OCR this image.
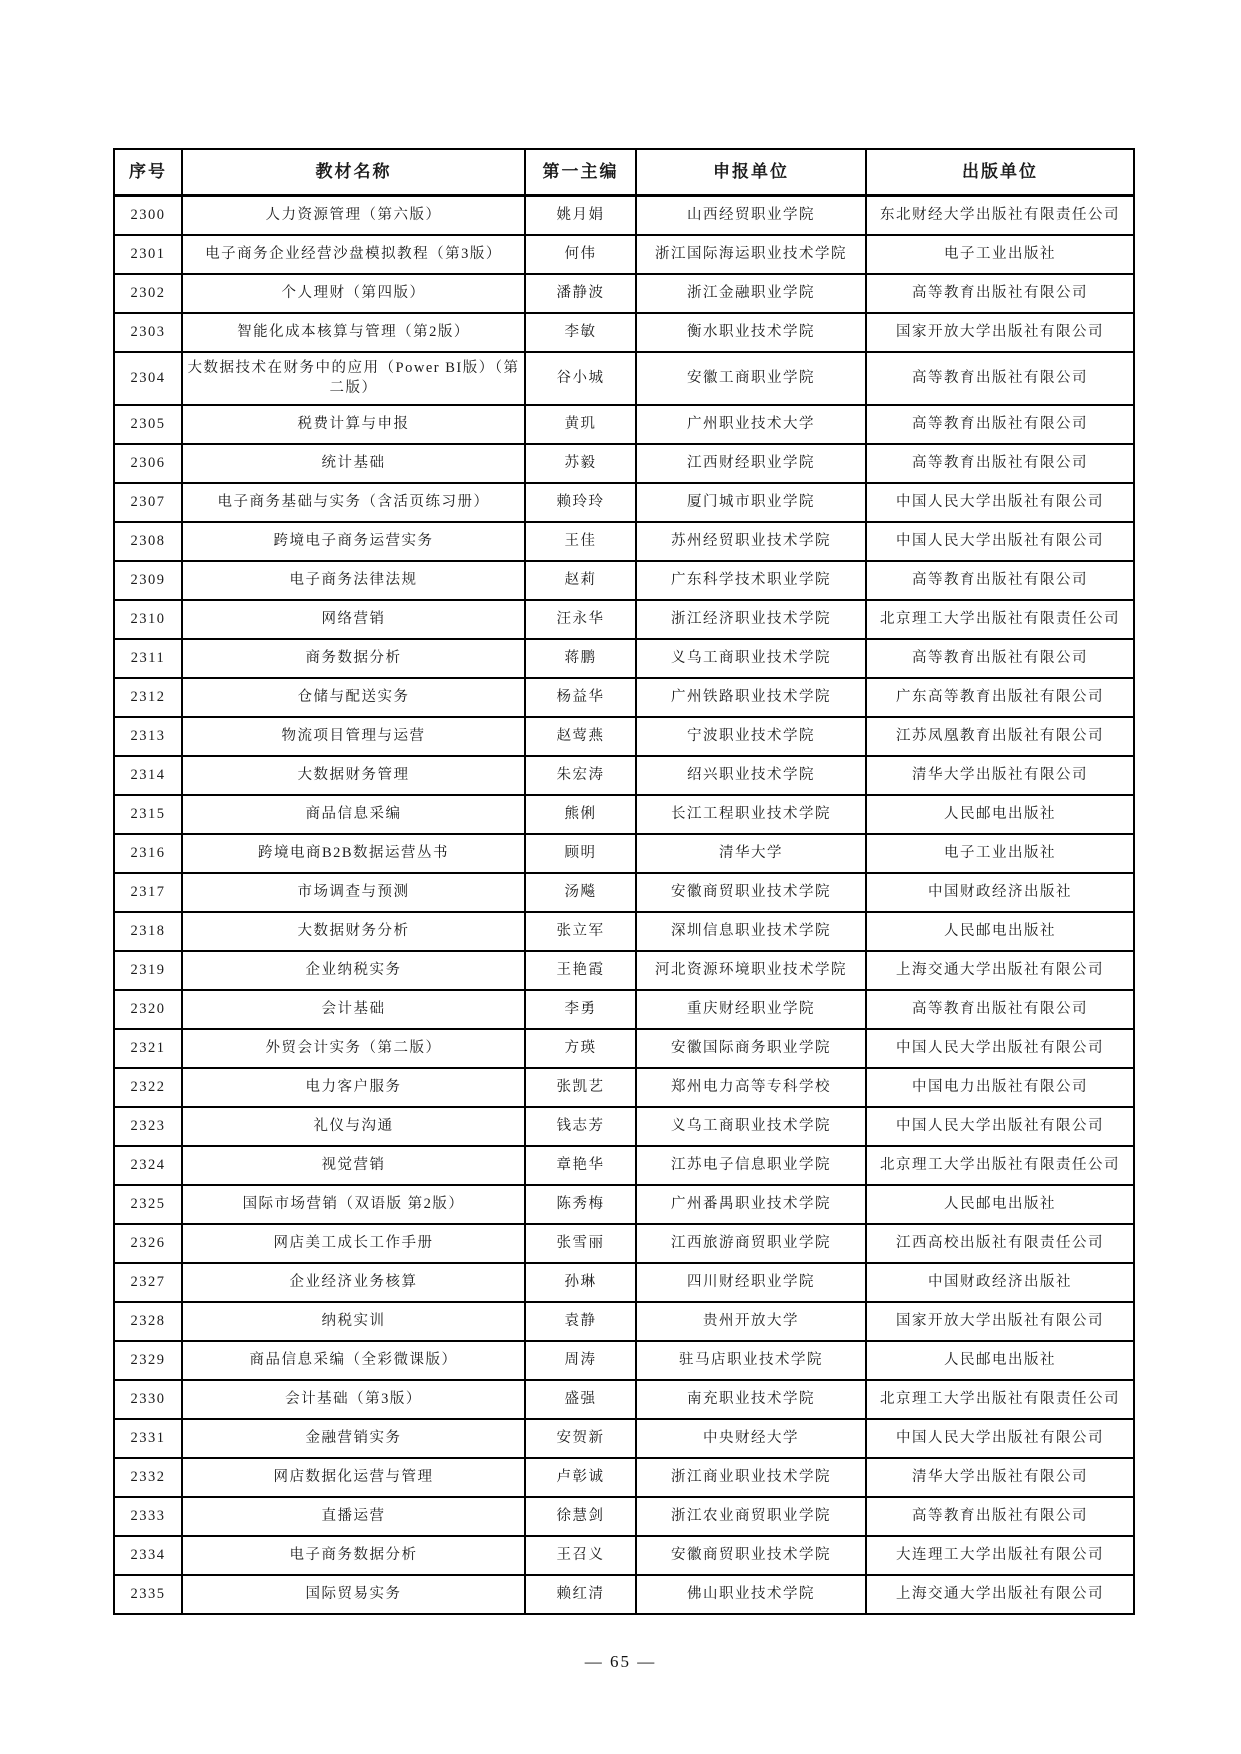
序号	教材名称	第一主编	申报单位	出版单位
2300	人力资源管理（第六版）	姚月娟	山西经贸职业学院	东北财经大学出版社有限责任公司
2301	电子商务企业经营沙盘模拟教程（第3版）	何伟	浙江国际海运职业技术学院	电子工业出版社
2302	个人理财（第四版）	潘静波	浙江金融职业学院	高等教育出版社有限公司
2303	智能化成本核算与管理（第2版）	李敏	衡水职业技术学院	国家开放大学出版社有限公司
2304	大数据技术在财务中的应用（Power BI版）（第二版）	谷小城	安徽工商职业学院	高等教育出版社有限公司
2305	税费计算与申报	黄玑	广州职业技术大学	高等教育出版社有限公司
2306	统计基础	苏毅	江西财经职业学院	高等教育出版社有限公司
2307	电子商务基础与实务（含活页练习册）	赖玲玲	厦门城市职业学院	中国人民大学出版社有限公司
2308	跨境电子商务运营实务	王佳	苏州经贸职业技术学院	中国人民大学出版社有限公司
2309	电子商务法律法规	赵莉	广东科学技术职业学院	高等教育出版社有限公司
2310	网络营销	汪永华	浙江经济职业技术学院	北京理工大学出版社有限责任公司
2311	商务数据分析	蒋鹏	义乌工商职业技术学院	高等教育出版社有限公司
2312	仓储与配送实务	杨益华	广州铁路职业技术学院	广东高等教育出版社有限公司
2313	物流项目管理与运营	赵莺燕	宁波职业技术学院	江苏凤凰教育出版社有限公司
2314	大数据财务管理	朱宏涛	绍兴职业技术学院	清华大学出版社有限公司
2315	商品信息采编	熊俐	长江工程职业技术学院	人民邮电出版社
2316	跨境电商B2B数据运营丛书	顾明	清华大学	电子工业出版社
2317	市场调查与预测	汤飚	安徽商贸职业技术学院	中国财政经济出版社
2318	大数据财务分析	张立军	深圳信息职业技术学院	人民邮电出版社
2319	企业纳税实务	王艳霞	河北资源环境职业技术学院	上海交通大学出版社有限公司
2320	会计基础	李勇	重庆财经职业学院	高等教育出版社有限公司
2321	外贸会计实务（第二版）	方瑛	安徽国际商务职业学院	中国人民大学出版社有限公司
2322	电力客户服务	张凯艺	郑州电力高等专科学校	中国电力出版社有限公司
2323	礼仪与沟通	钱志芳	义乌工商职业技术学院	中国人民大学出版社有限公司
2324	视觉营销	章艳华	江苏电子信息职业学院	北京理工大学出版社有限责任公司
2325	国际市场营销（双语版 第2版）	陈秀梅	广州番禺职业技术学院	人民邮电出版社
2326	网店美工成长工作手册	张雪丽	江西旅游商贸职业学院	江西高校出版社有限责任公司
2327	企业经济业务核算	孙琳	四川财经职业学院	中国财政经济出版社
2328	纳税实训	袁静	贵州开放大学	国家开放大学出版社有限公司
2329	商品信息采编（全彩微课版）	周涛	驻马店职业技术学院	人民邮电出版社
2330	会计基础（第3版）	盛强	南充职业技术学院	北京理工大学出版社有限责任公司
2331	金融营销实务	安贺新	中央财经大学	中国人民大学出版社有限公司
2332	网店数据化运营与管理	卢彰诚	浙江商业职业技术学院	清华大学出版社有限公司
2333	直播运营	徐慧剑	浙江农业商贸职业学院	高等教育出版社有限公司
2334	电子商务数据分析	王召义	安徽商贸职业技术学院	大连理工大学出版社有限公司
2335	国际贸易实务	赖红清	佛山职业技术学院	上海交通大学出版社有限公司
— 65 —
